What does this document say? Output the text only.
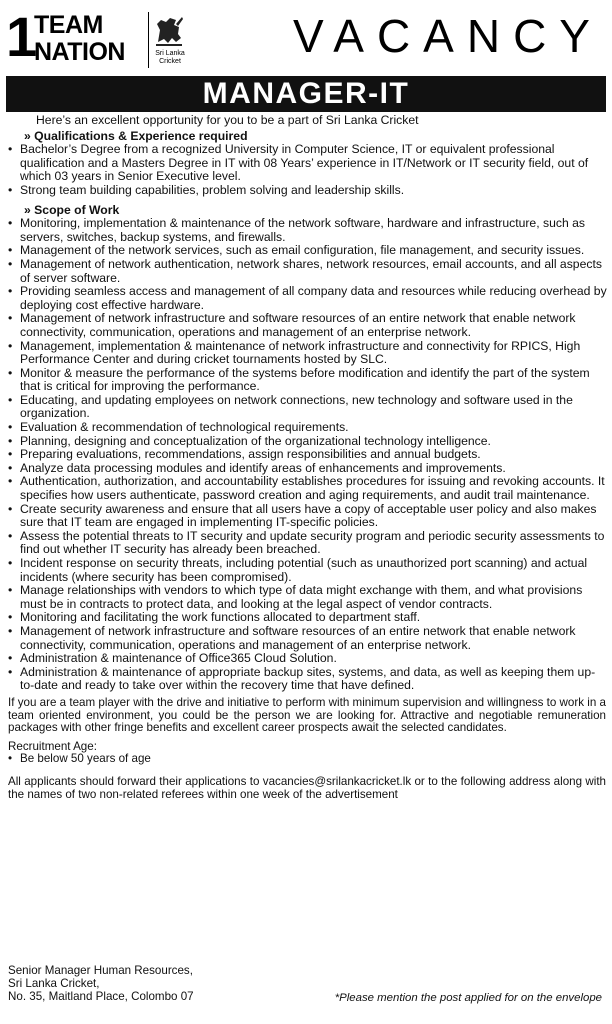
1 TEAM
NATION	Sri Lanka
Cricket VACANCY
MANAGER-IT
Here’s an excellent opportunity for you to be a part of Sri Lanka Cricket
» Qualifications & Experience required
• Bachelor’s Degree from a recognized University in Computer Science, IT or equivalent professional qualification and a Masters Degree in IT with 08 Years’ experience in IT/Network or IT security field, out of which 03 years in Senior Executive level.
• Strong team building capabilities, problem solving and leadership skills.
» Scope of Work
• Monitoring, implementation & maintenance of the network software, hardware and infrastructure, such as servers, switches, backup systems, and firewalls.
• Management of the network services, such as email configuration, file management, and security issues.
• Management of network authentication, network shares, network resources, email accounts, and all aspects of server software.
• Providing seamless access and management of all company data and resources while reducing overhead by deploying cost effective hardware.
• Management of network infrastructure and software resources of an entire network that enable network connectivity, communication, operations and management of an enterprise network.
• Management, implementation & maintenance of network infrastructure and connectivity for RPICS, High Performance Center and during cricket tournaments hosted by SLC.
• Monitor & measure the performance of the systems before modification and identify the part of the system that is critical for improving the performance.
• Educating, and updating employees on network connections, new technology and software used in the organization.
• Evaluation & recommendation of technological requirements.
• Planning, designing and conceptualization of the organizational technology intelligence.
• Preparing evaluations, recommendations, assign responsibilities and annual budgets.
• Analyze data processing modules and identify areas of enhancements and improvements.
• Authentication, authorization, and accountability establishes procedures for issuing and revoking accounts. It specifies how users authenticate, password creation and aging requirements, and audit trail maintenance.
• Create security awareness and ensure that all users have a copy of acceptable user policy and also makes sure that IT team are engaged in implementing IT-specific policies.
• Assess the potential threats to IT security and update security program and periodic security assessments to find out whether IT security has already been breached.
• Incident response on security threats, including potential (such as unauthorized port scanning) and actual incidents (where security has been compromised).
• Manage relationships with vendors to which type of data might exchange with them, and what provisions must be in contracts to protect data, and looking at the legal aspect of vendor contracts.
• Monitoring and facilitating the work functions allocated to department staff.
• Management of network infrastructure and software resources of an entire network that enable network connectivity, communication, operations and management of an enterprise network.
• Administration & maintenance of Office365 Cloud Solution.
• Administration & maintenance of appropriate backup sites, systems, and data, as well as keeping them up-to-date and ready to take over within the recovery time that have defined.
If you are a team player with the drive and initiative to perform with minimum supervision and willingness to work in a team oriented environment, you could be the person we are looking for. Attractive and negotiable remuneration packages with other fringe benefits and excellent career prospects await the selected candidates.
Recruitment Age:
• Be below 50 years of age
All applicants should forward their applications to vacancies@srilankacricket.lk or to the following address along with the names of two non-related referees within one week of the advertisement
Senior Manager Human Resources,
Sri Lanka Cricket,
No. 35, Maitland Place, Colombo 07	*Please mention the post applied for on the envelope
